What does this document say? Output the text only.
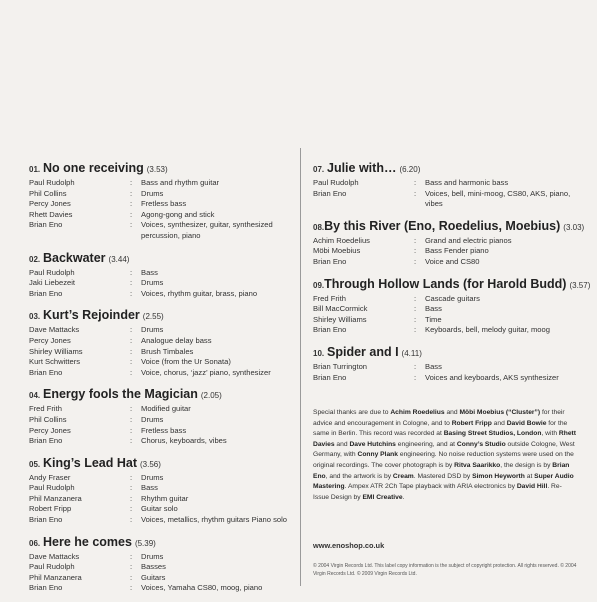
01. No one receiving (3.53)
Paul Rudolph	:	Bass and rhythm guitar
Phil Collins	:	Drums
Percy Jones	:	Fretless bass
Rhett Davies	:	Agong-gong and stick
Brian Eno	:	Voices, synthesizer, guitar, synthesized percussion, piano
02. Backwater (3.44)
Paul Rudolph	:	Bass
Jaki Liebezeit	:	Drums
Brian Eno	:	Voices, rhythm guitar, brass, piano
03. Kurt’s Rejoinder (2.55)
Dave Mattacks	:	Drums
Percy Jones	:	Analogue delay bass
Shirley Williams	:	Brush Timbales
Kurt Schwitters	:	Voice (from the Ur Sonata)
Brian Eno	:	Voice, chorus, ‘jazz’ piano, synthesizer
04. Energy fools the Magician (2.05)
Fred Frith	:	Modified guitar
Phil Collins	:	Drums
Percy Jones	:	Fretless bass
Brian Eno	:	Chorus, keyboards, vibes
05. King’s Lead Hat (3.56)
Andy Fraser	:	Drums
Paul Rudolph	:	Bass
Phil Manzanera	:	Rhythm guitar
Robert Fripp	:	Guitar solo
Brian Eno	:	Voices, metallics, rhythm guitars Piano solo
06. Here he comes (5.39)
Dave Mattacks	:	Drums
Paul Rudolph	:	Basses
Phil Manzanera	:	Guitars
Brian Eno	:	Voices, Yamaha CS80, moog, piano
07. Julie with… (6.20)
Paul Rudolph	:	Bass and harmonic bass
Brian Eno	:	Voices, bell, mini-moog, CS80, AKS, piano, vibes
08. By this River (Eno, Roedelius, Moebius) (3.03)
Achim Roedelius	:	Grand and electric pianos
Möbi Moebius	:	Bass Fender piano
Brian Eno	:	Voice and CS80
09. Through Hollow Lands (for Harold Budd) (3.57)
Fred Frith	:	Cascade guitars
Bill MacCormick	:	Bass
Shirley Williams	:	Time
Brian Eno	:	Keyboards, bell, melody guitar, moog
10. Spider and I (4.11)
Brian Turrington	:	Bass
Brian Eno	:	Voices and keyboards, AKS synthesizer
Special thanks are due to Achim Roedelius and Möbi Moebius (“Cluster”) for their advice and encouragement in Cologne, and to Robert Fripp and David Bowie for the same in Berlin. This record was recorded at Basing Street Studios, London, with Rhett Davies and Dave Hutchins engineering, and at Conny’s Studio outside Cologne, West Germany, with Conny Plank engineering. No noise reduction systems were used on the original recordings. The cover photograph is by Ritva Saarikko, the design is by Brian Eno, and the artwork is by Cream. Mastered DSD by Simon Heyworth at Super Audio Mastering. Ampex ATR 2Ch Tape playback with ARIA electronics by David Hill. Re-Issue Design by EMI Creative.
www.enoshop.co.uk
© 2004 Virgin Records Ltd. This label copy information is the subject of copyright protection. All rights reserved. © 2004 Virgin Records Ltd. © 2009 Virgin Records Ltd.
